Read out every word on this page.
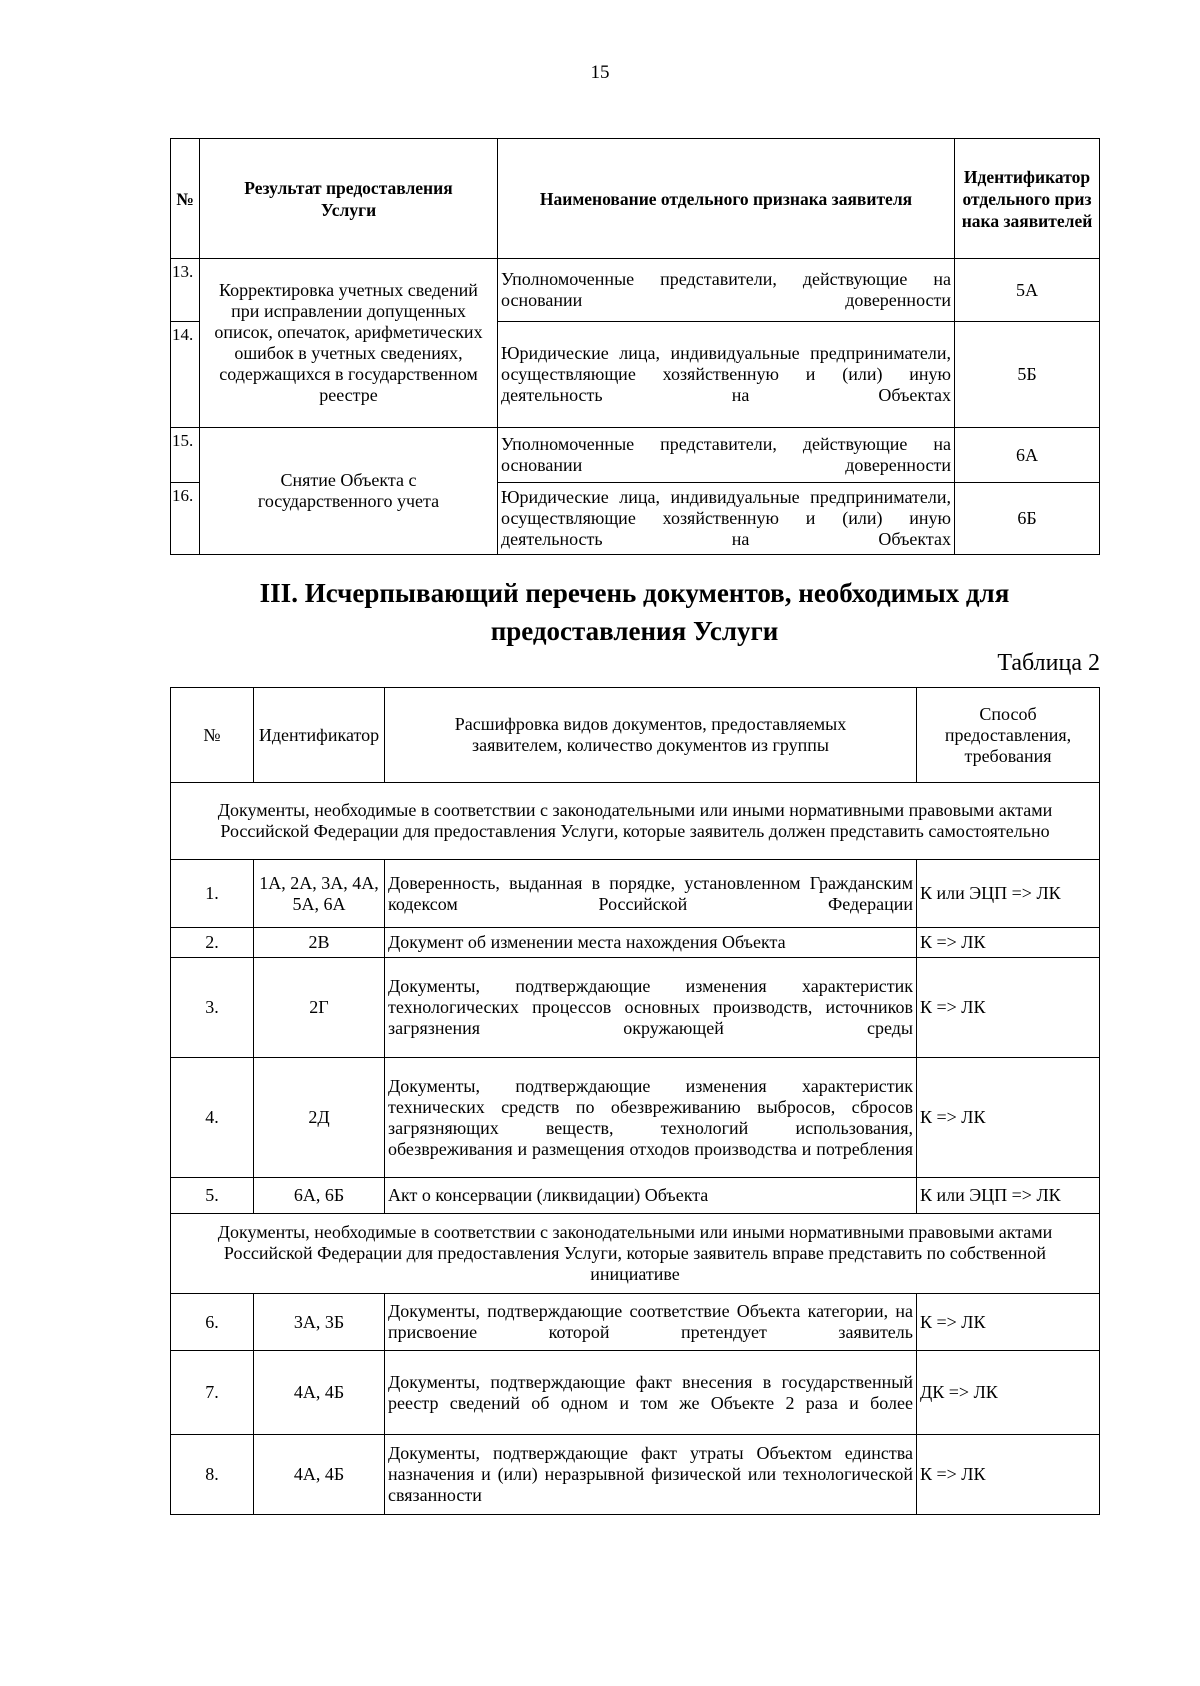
15
№	Результат предоставления Услуги	Наименование отдельного признака заявителя	Идентификатор отдельного признака заявителей
13.	Корректировка учетных сведений при исправлении допущенных описок, опечаток, арифметических ошибок в учетных сведениях, содержащихся в государственном реестре	Уполномоченные представители, действующие на основании доверенности	5А
14.		Юридические лица, индивидуальные предприниматели, осуществляющие хозяйственную и (или) иную деятельность на Объектах	5Б
15.	Снятие Объекта с государственного учета	Уполномоченные представители, действующие на основании доверенности	6А
16.		Юридические лица, индивидуальные предприниматели, осуществляющие хозяйственную и (или) иную деятельность на Объектах	6Б
III. Исчерпывающий перечень документов, необходимых для предоставления Услуги
Таблица 2
№	Идентификатор	Расшифровка видов документов, предоставляемых заявителем, количество документов из группы	Способ предоставления, требования
Документы, необходимые в соответствии с законодательными или иными нормативными правовыми актами Российской Федерации для предоставления Услуги, которые заявитель должен представить самостоятельно			
1.	1А, 2А, 3А, 4А, 5А, 6А	Доверенность, выданная в порядке, установленном Гражданским кодексом Российской Федерации	К или ЭЦП => ЛК
2.	2В	Документ об изменении места нахождения Объекта	К => ЛК
3.	2Г	Документы, подтверждающие изменения характеристик технологических процессов основных производств, источников загрязнения окружающей среды	К => ЛК
4.	2Д	Документы, подтверждающие изменения характеристик технических средств по обезвреживанию выбросов, сбросов загрязняющих веществ, технологий использования, обезвреживания и размещения отходов производства и потребления	К => ЛК
5.	6А, 6Б	Акт о консервации (ликвидации) Объекта	К или ЭЦП => ЛК
Документы, необходимые в соответствии с законодательными или иными нормативными правовыми актами Российской Федерации для предоставления Услуги, которые заявитель вправе представить по собственной инициативе			
6.	3А, 3Б	Документы, подтверждающие соответствие Объекта категории, на присвоение которой претендует заявитель	К => ЛК
7.	4А, 4Б	Документы, подтверждающие факт внесения в государственный реестр сведений об одном и том же Объекте 2 раза и более	ДК => ЛК
8.	4А, 4Б	Документы, подтверждающие факт утраты Объектом единства назначения и (или) неразрывной физической или технологической связанности	К => ЛК
